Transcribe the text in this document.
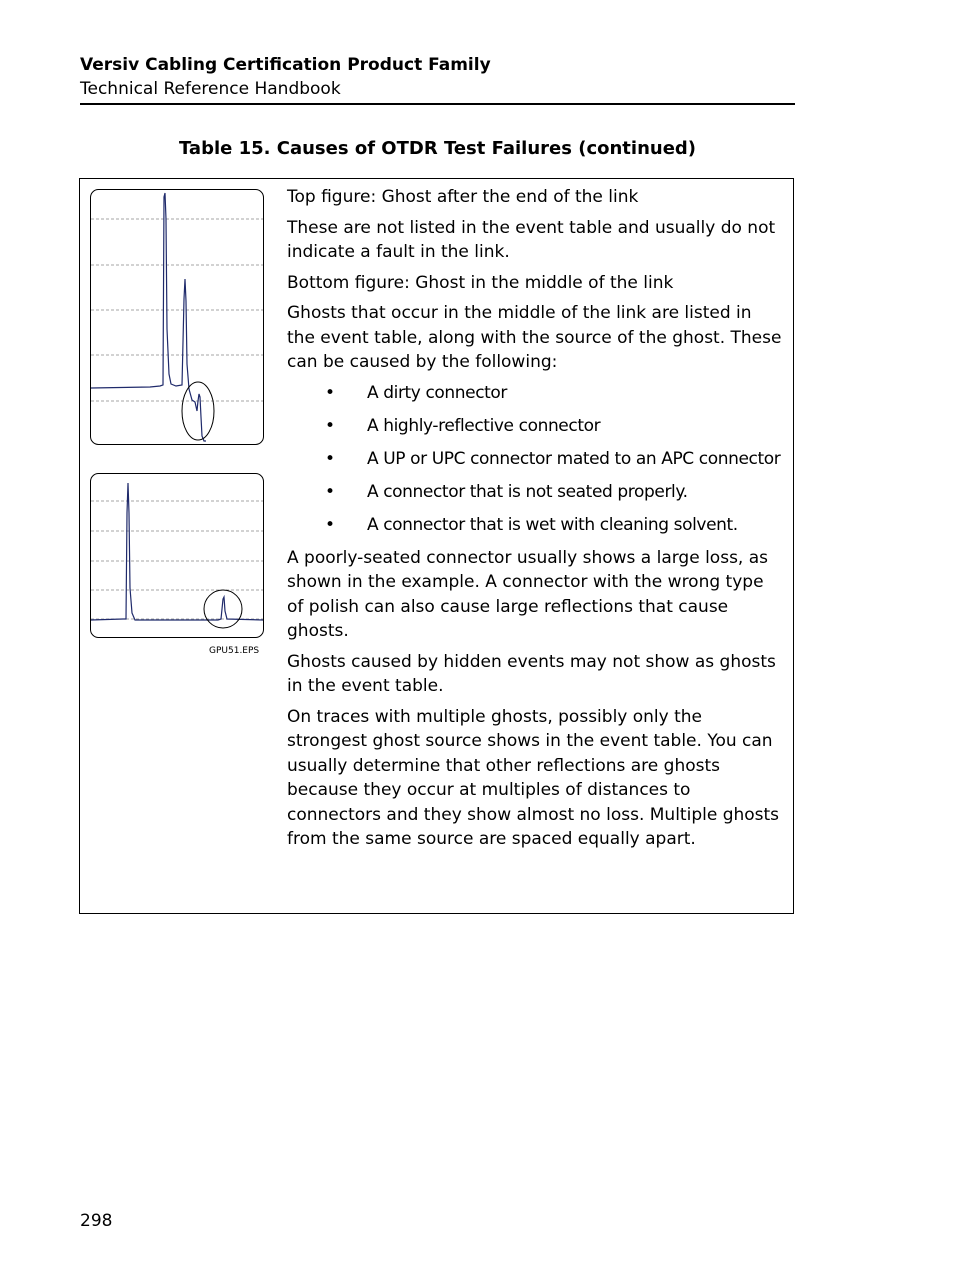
Versiv Cabling Certification Product Family
Technical Reference Handbook
Table 15. Causes of OTDR Test Failures (continued)
GPU51.EPS

Top figure: Ghost after the end of the link

These are not listed in the event table and usually do not indicate a fault in the link.

Bottom figure: Ghost in the middle of the link

Ghosts that occur in the middle of the link are listed in the event table, along with the source of the ghost. These can be caused by the following:

• A dirty connector
• A highly-reflective connector
• A UP or UPC connector mated to an APC connector
• A connector that is not seated properly.
• A connector that is wet with cleaning solvent.

A poorly-seated connector usually shows a large loss, as shown in the example. A connector with the wrong type of polish can also cause large reflections that cause ghosts.

Ghosts caused by hidden events may not show as ghosts in the event table.

On traces with multiple ghosts, possibly only the strongest ghost source shows in the event table. You can usually determine that other reflections are ghosts because they occur at multiples of distances to connectors and they show almost no loss. Multiple ghosts from the same source are spaced equally apart.

298
